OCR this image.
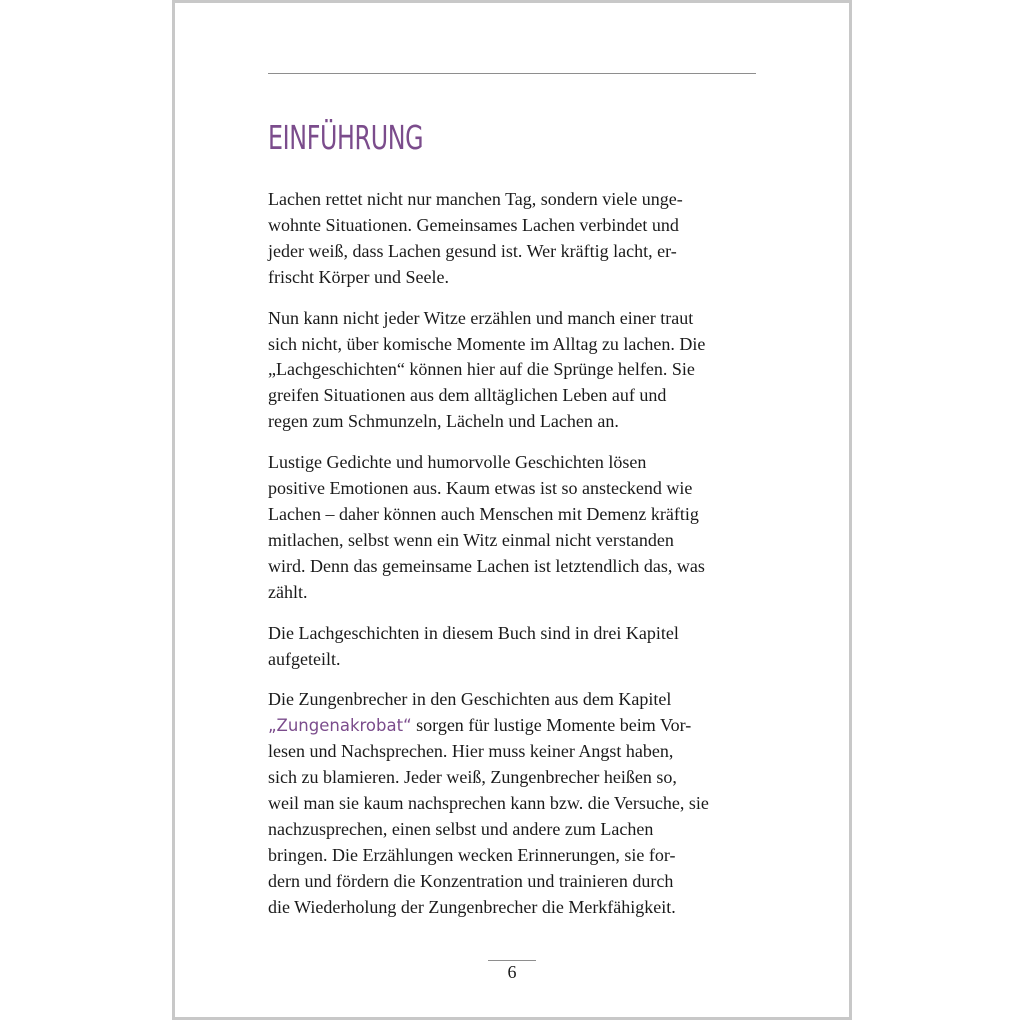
EINFÜHRUNG
Lachen rettet nicht nur manchen Tag, sondern viele unge-
wohnte Situationen. Gemeinsames Lachen verbindet und
jeder weiß, dass Lachen gesund ist. Wer kräftig lacht, er-
frischt Körper und Seele.
Nun kann nicht jeder Witze erzählen und manch einer traut
sich nicht, über komische Momente im Alltag zu lachen. Die
„Lachgeschichten“ können hier auf die Sprünge helfen. Sie
greifen Situationen aus dem alltäglichen Leben auf und
regen zum Schmunzeln, Lächeln und Lachen an.
Lustige Gedichte und humorvolle Geschichten lösen
positive Emotionen aus. Kaum etwas ist so ansteckend wie
Lachen – daher können auch Menschen mit Demenz kräftig
mitlachen, selbst wenn ein Witz einmal nicht verstanden
wird. Denn das gemeinsame Lachen ist letztendlich das, was
zählt.
Die Lachgeschichten in diesem Buch sind in drei Kapitel
aufgeteilt.
Die Zungenbrecher in den Geschichten aus dem Kapitel
„Zungenakrobat“ sorgen für lustige Momente beim Vor-
lesen und Nachsprechen. Hier muss keiner Angst haben,
sich zu blamieren. Jeder weiß, Zungenbrecher heißen so,
weil man sie kaum nachsprechen kann bzw. die Versuche, sie
nachzusprechen, einen selbst und andere zum Lachen
bringen. Die Erzählungen wecken Erinnerungen, sie for-
dern und fördern die Konzentration und trainieren durch
die Wiederholung der Zungenbrecher die Merkfähigkeit.
6
